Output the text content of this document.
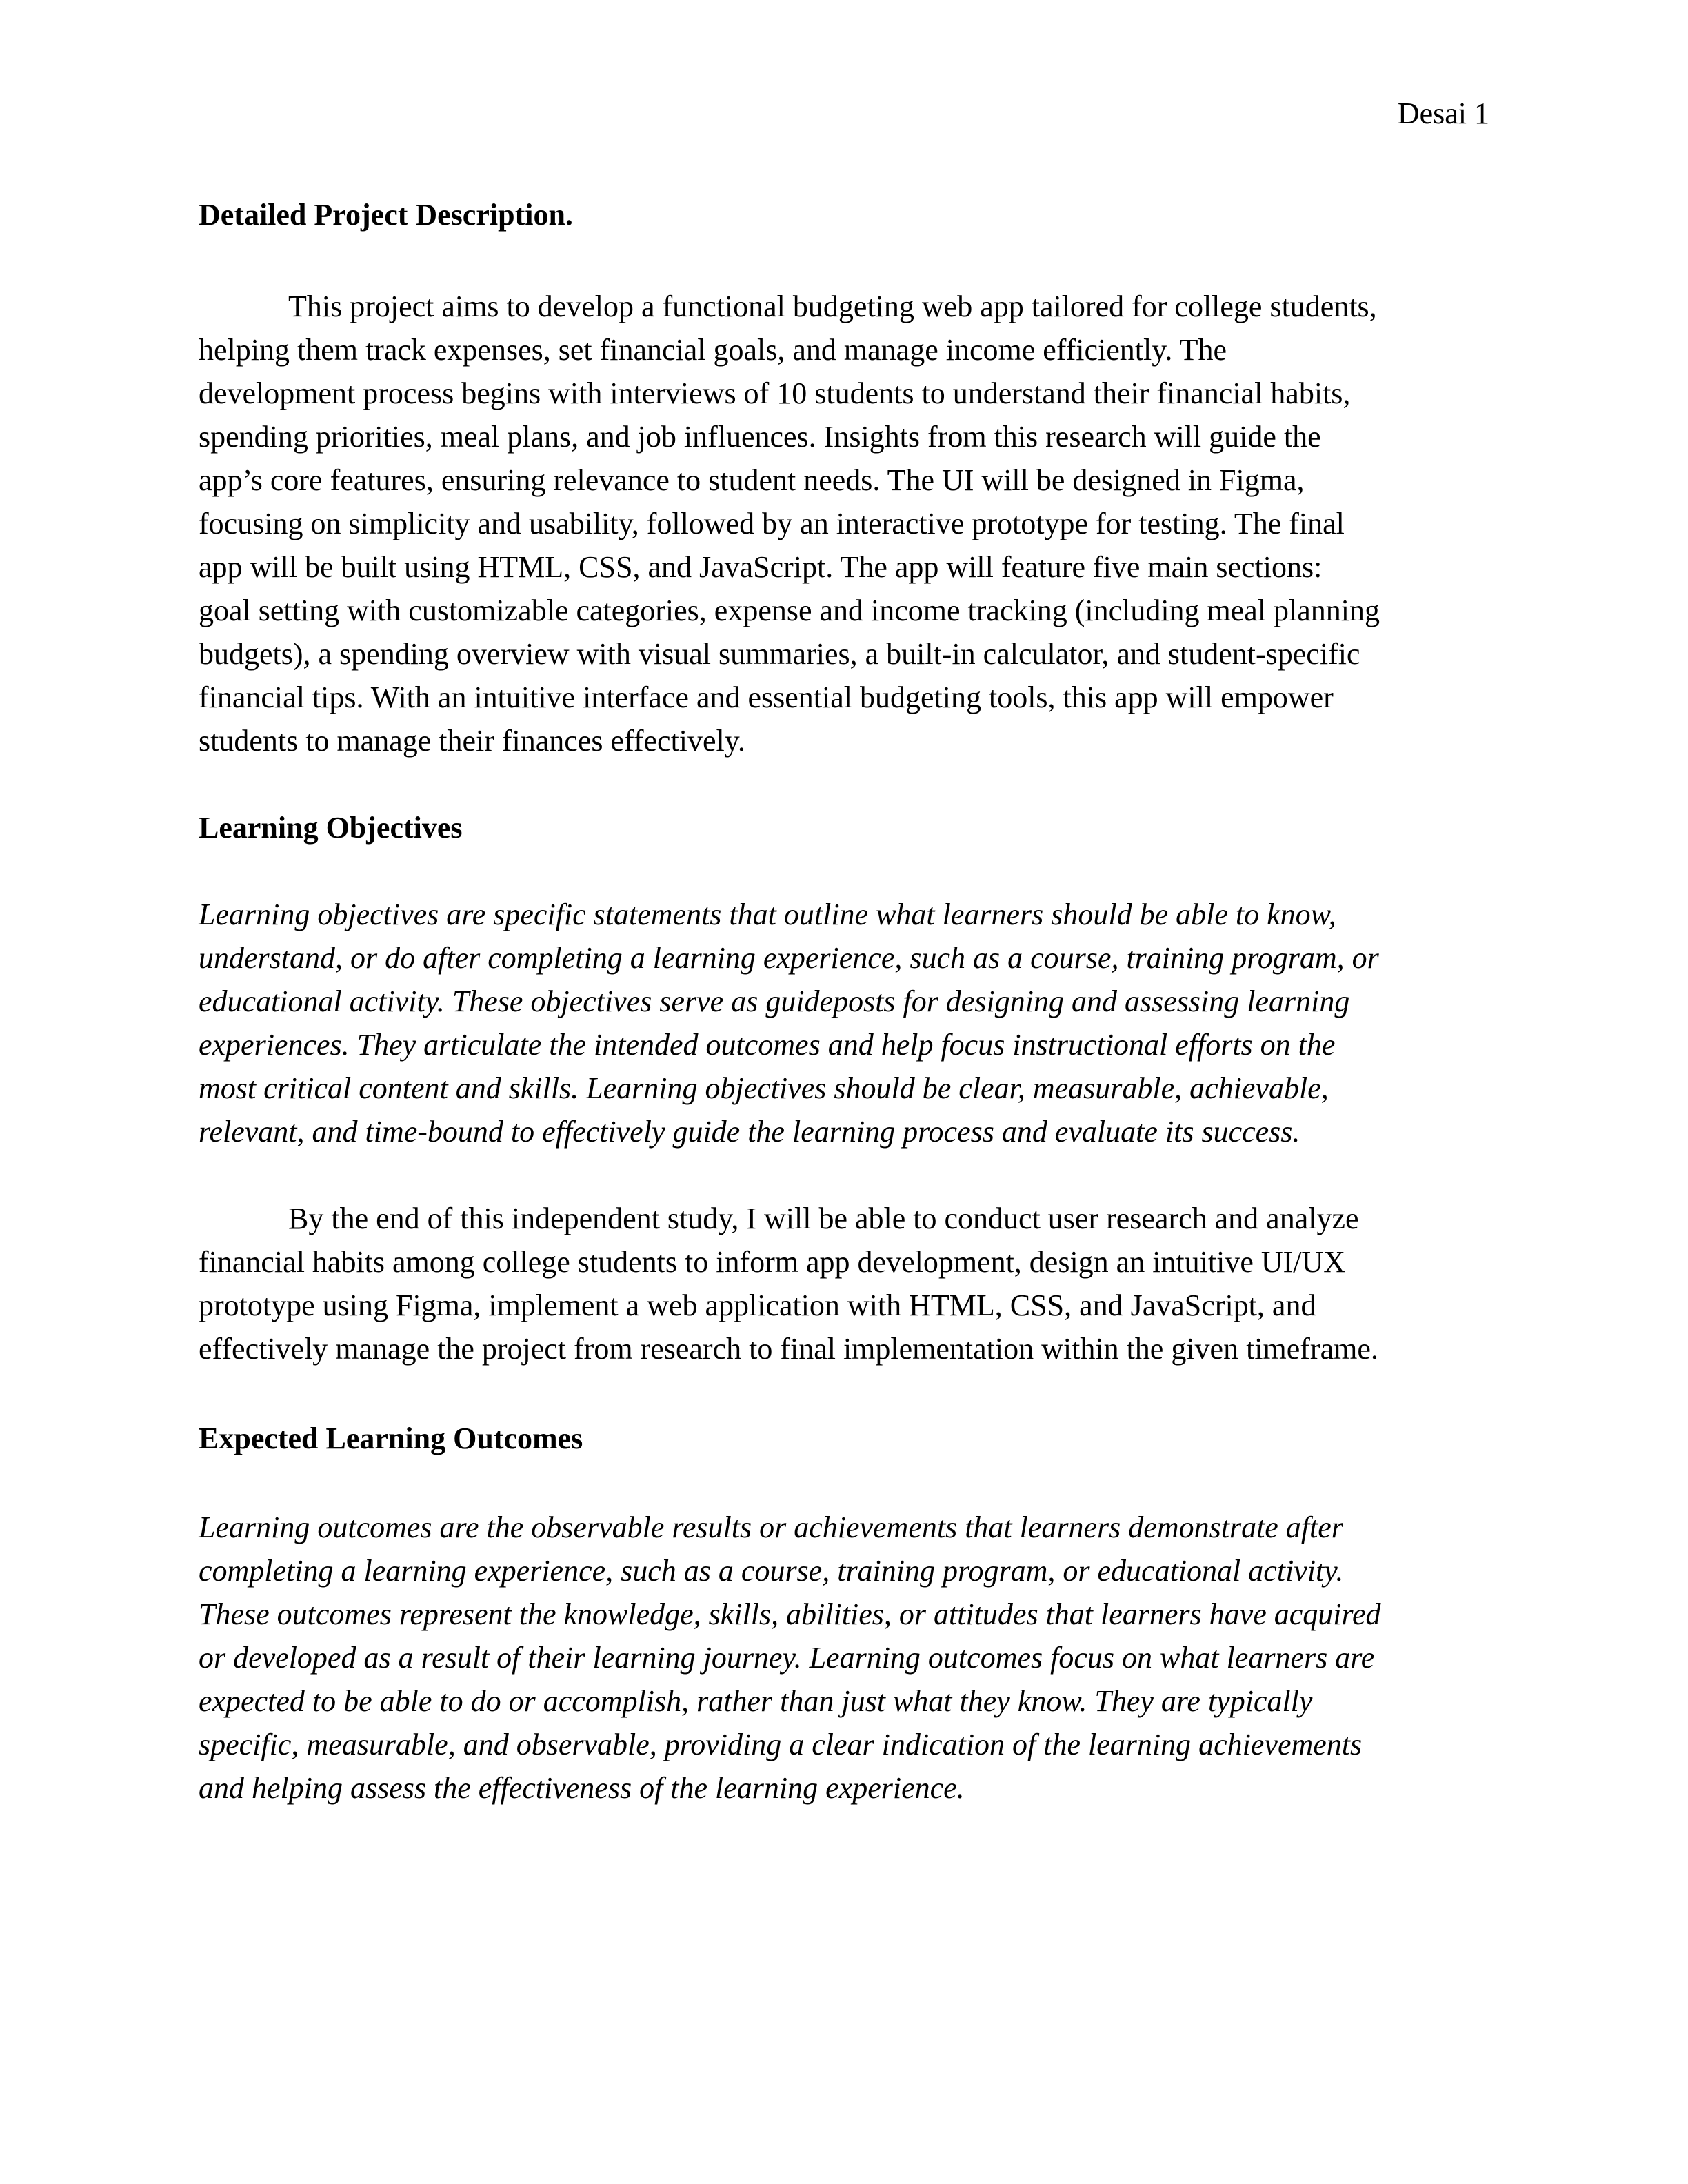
Desai 1
Detailed Project Description.
This project aims to develop a functional budgeting web app tailored for college students,
helping them track expenses, set financial goals, and manage income efficiently. The
development process begins with interviews of 10 students to understand their financial habits,
spending priorities, meal plans, and job influences. Insights from this research will guide the
app’s core features, ensuring relevance to student needs. The UI will be designed in Figma,
focusing on simplicity and usability, followed by an interactive prototype for testing. The final
app will be built using HTML, CSS, and JavaScript. The app will feature five main sections:
goal setting with customizable categories, expense and income tracking (including meal planning
budgets), a spending overview with visual summaries, a built-in calculator, and student-specific
financial tips. With an intuitive interface and essential budgeting tools, this app will empower
students to manage their finances effectively.
Learning Objectives
Learning objectives are specific statements that outline what learners should be able to know,
understand, or do after completing a learning experience, such as a course, training program, or
educational activity. These objectives serve as guideposts for designing and assessing learning
experiences. They articulate the intended outcomes and help focus instructional efforts on the
most critical content and skills. Learning objectives should be clear, measurable, achievable,
relevant, and time-bound to effectively guide the learning process and evaluate its success.
By the end of this independent study, I will be able to conduct user research and analyze
financial habits among college students to inform app development, design an intuitive UI/UX
prototype using Figma, implement a web application with HTML, CSS, and JavaScript, and
effectively manage the project from research to final implementation within the given timeframe.
Expected Learning Outcomes
Learning outcomes are the observable results or achievements that learners demonstrate after
completing a learning experience, such as a course, training program, or educational activity.
These outcomes represent the knowledge, skills, abilities, or attitudes that learners have acquired
or developed as a result of their learning journey. Learning outcomes focus on what learners are
expected to be able to do or accomplish, rather than just what they know. They are typically
specific, measurable, and observable, providing a clear indication of the learning achievements
and helping assess the effectiveness of the learning experience.
